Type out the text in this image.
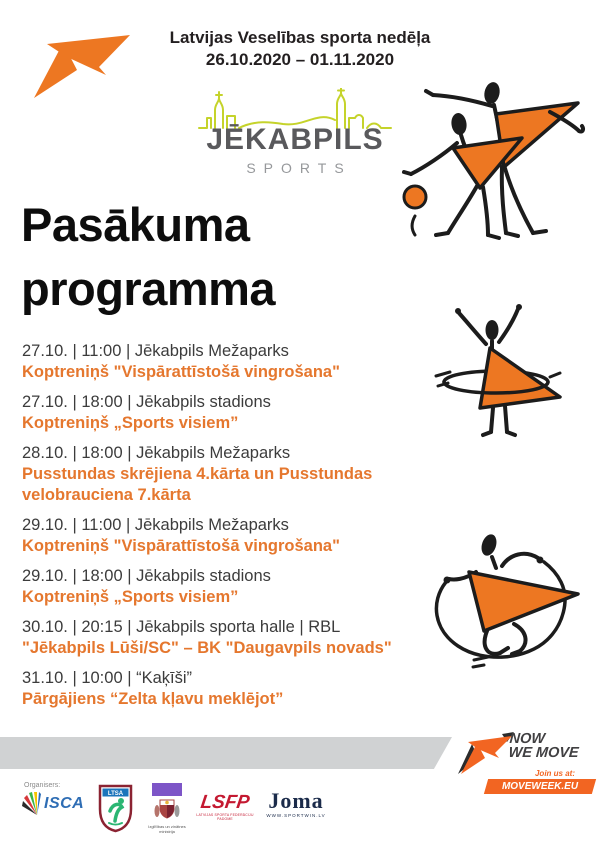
Latvijas Veselības sporta nedēļa
26.10.2020 – 01.11.2020
JĒKABPILS
SPORTS
Pasākuma
programma
27.10. | 11:00 | Jēkabpils Mežaparks
Koptreniņš "Vispārattīstošā vingrošana"
27.10. | 18:00 | Jēkabpils stadions
Koptreniņš „Sports visiem”
28.10. | 18:00 | Jēkabpils Mežaparks
Pusstundas skrējiena 4.kārta un Pusstundas velobrauciena 7.kārta
29.10. | 11:00 | Jēkabpils Mežaparks
Koptreniņš "Vispārattīstošā vingrošana"
29.10. | 18:00 | Jēkabpils stadions
Koptreniņš „Sports visiem”
30.10. | 20:15 | Jēkabpils sporta halle | RBL
"Jēkabpils Lūši/SC" – BK "Daugavpils novads"
31.10. | 10:00 | “Kaķīši”
Pārgājiens “Zelta kļavu meklējot”
NOW
WE MOVE
Join us at:
MOVEWEEK.EU
Organisers:
ISCA
LTSA
Izglītības un zinātnes
ministrija
LSFP
LATVIJAS SPORTA FEDERĀCIJU PADOME
Joma
WWW.SPORTWIN.LV
